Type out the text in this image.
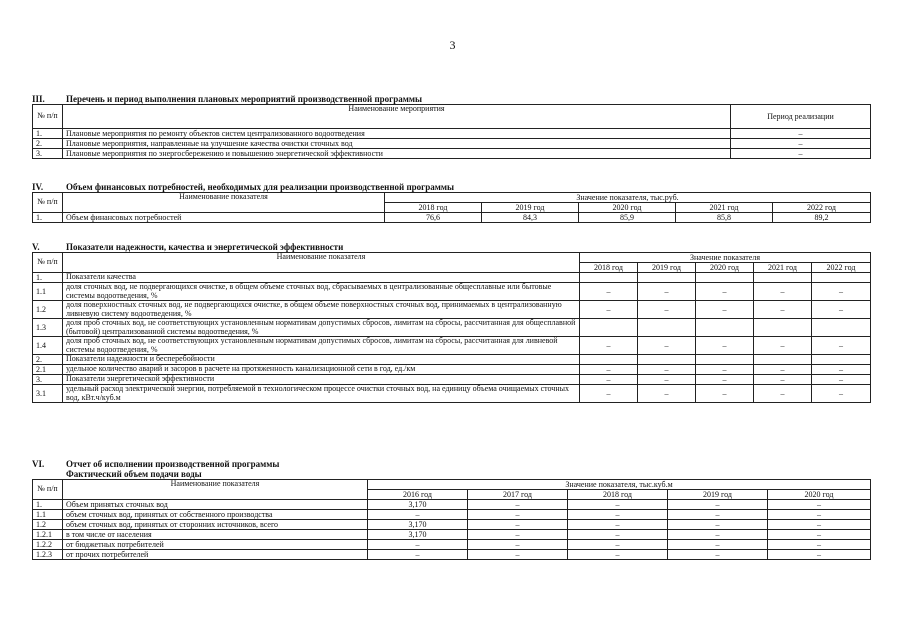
3
III. Перечень и период выполнения плановых мероприятий производственной программы
№ п/п	Наименование мероприятия	Период реализации
1.	Плановые мероприятия по ремонту объектов систем централизованного водоотведения	–
2.	Плановые мероприятия, направленные на улучшение качества очистки сточных вод	–
3.	Плановые мероприятия по энергосбережению и повышению энергетической эффективности	–
IV.	Объем финансовых потребностей, необходимых для реализации производственной программы
№ п/п	Наименование показателя	Значение показателя, тыс.руб.				
		2018 год	2019 год	2020 год	2021 год	2022 год
1.	Объем финансовых потребностей	76,6	84,3	85,9	85,8	89,2
V.	Показатели надежности, качества и энергетической эффективности
№ п/п	Наименование показателя	Значение показателя				
		2018 год	2019 год	2020 год	2021 год	2022 год
1.	Показатели качества					
1.1	доля сточных вод, не подвергающихся очистке, в общем объеме сточных вод, сбрасываемых в централизованные общесплавные или бытовые системы водоотведения, %	–	–	–	–	–
1.2	доля поверхностных сточных вод, не подвергающихся очистке, в общем объеме поверхностных сточных вод, принимаемых в централизованную ливневую систему водоотведения, %	–	–	–	–	–
1.3	доля проб сточных вод, не соответствующих установленным нормативам допустимых сбросов, лимитам на сбросы, рассчитанная для общесплавной (бытовой) централизованной системы водоотведения, %					
1.4	доля проб сточных вод, не соответствующих установленным нормативам допустимых сбросов, лимитам на сбросы, рассчитанная для ливневой системы водоотведения, %	–	–	–	–	–
2.	Показатели надежности и бесперебойности					
2.1	удельное количество аварий и засоров в расчете на протяженность канализационной сети в год, ед./км	–	–	–	–	–
3.	Показатели энергетической эффективности	–	–	–	–	–
3.1	удельный расход электрической энергии, потребляемой в технологическом процессе очистки сточных вод, на единицу объема очищаемых сточных вод, кВт.ч/куб.м	–	–	–	–	–
VI. Отчет об исполнении производственной программы
Фактический объем подачи воды
№ п/п	Наименование показателя	Значение показателя, тыс.куб.м				
		2016 год	2017 год	2018 год	2019 год	2020 год
1.	Объем принятых сточных вод	3,170	–	–	–	–
1.1	объем сточных вод, принятых от собственного производства	–	–	–	–	–
1.2	объем сточных вод, принятых от сторонних источников, всего	3,170	–	–	–	–
1.2.1	в том числе от населения	3,170	–	–	–	–
1.2.2	от бюджетных потребителей	–	–	–	–	–
1.2.3	от прочих потребителей	–	–	–	–	–
